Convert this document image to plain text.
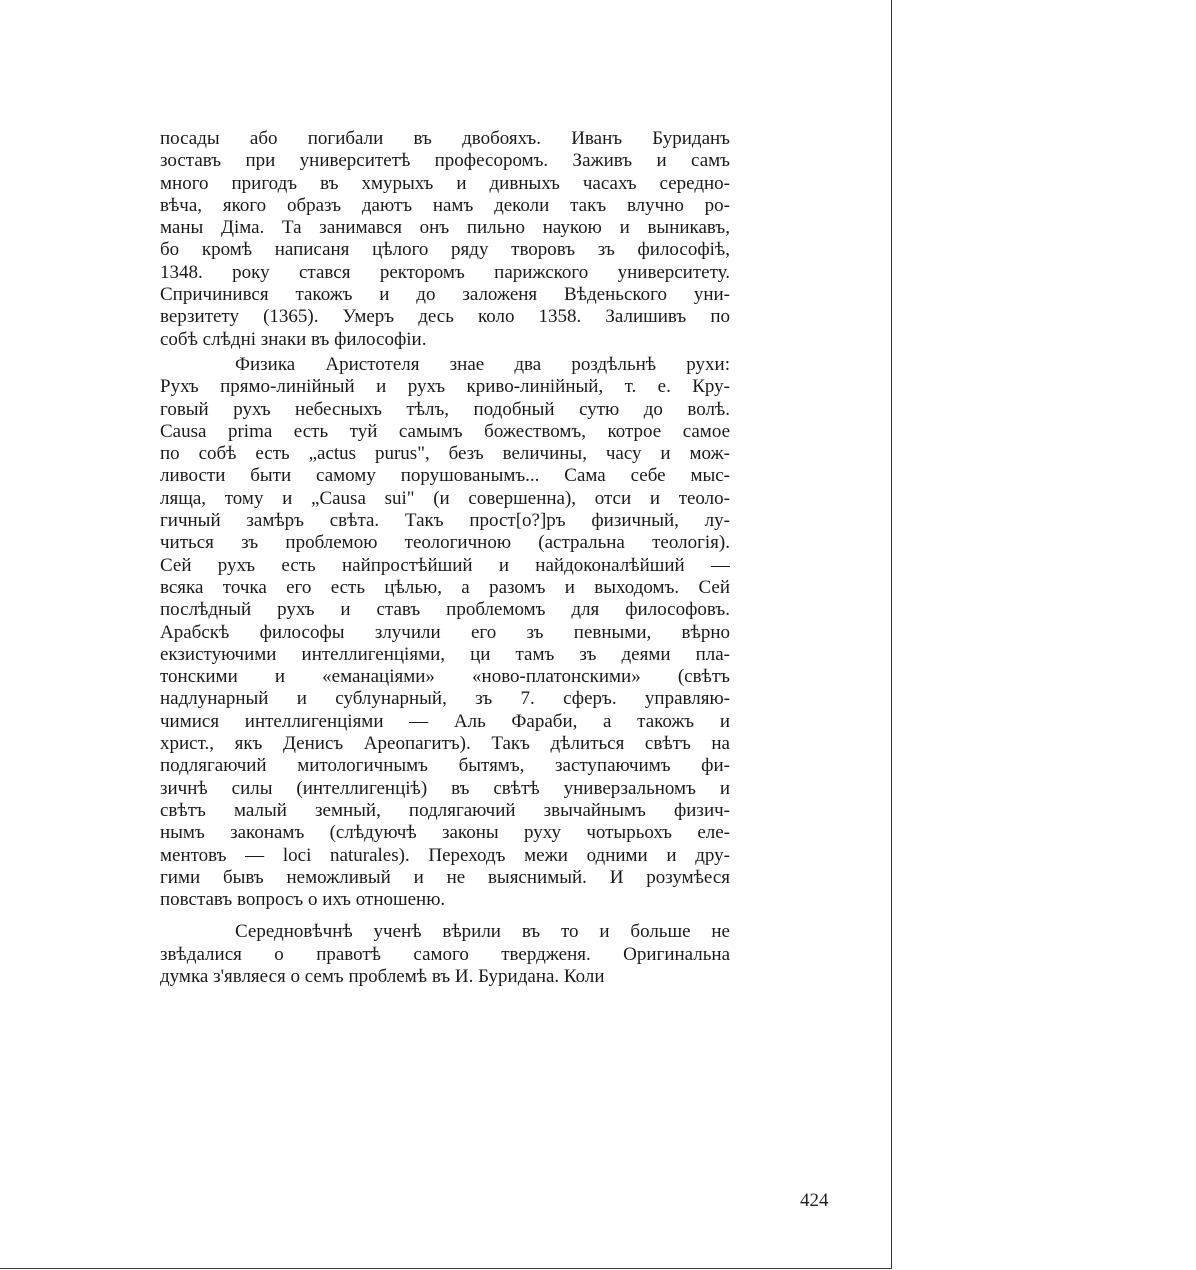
посады або погибали въ двобояхъ. Иванъ Буриданъ
зоставъ при университетѣ професоромъ. Заживъ и самъ
много пригодъ въ хмурыхъ и дивныхъ часахъ середно-
вѣча, якого образъ даютъ намъ деколи такъ влучно ро-
маны Діма. Та занимався онъ пильно наукою и выникавъ,
бо кромѣ написаня цѣлого ряду творовъ зъ философіѣ,
1348. року стався ректоромъ парижского университету.
Спричинився такожъ и до заложеня Вѣденьского уни-
верзитету (1365). Умеръ десь коло 1358. Залишивъ по
собѣ слѣдні знаки въ философіи.

Физика Аристотеля знае два роздѣльнѣ рухи:
Рухъ прямо-линійный и рухъ криво-линійный, т. е. Кру-
говый рухъ небесныхъ тѣлъ, подобный сутю до волѣ.
Causa prima есть туй самымъ божествомъ, котрое самое
по собѣ есть „actus purus", безъ величины, часу и мож-
ливости быти самому порушованымъ... Сама себе мыс-
ляща, тому и „Causa sui" (и совершенна), отси и теоло-
гичный замѣръ свѣта. Такъ прост[о?]ръ физичный, лу-
читься зъ проблемою теологичною (астральна теологія).
Сей рухъ есть найпростѣйший и найдоконалѣйший —
всяка точка его есть цѣлью, а разомъ и выходомъ. Сей
послѣдный рухъ и ставъ проблемомъ для философовъ.
Арабскѣ философы злучили его зъ певными, вѣрно
екзистуючими интеллигенціями, ци тамъ зъ деями пла-
тонскими и «еманаціями» «ново-платонскими» (свѣтъ
надлунарный и сублунарный, зъ 7. сферъ. управляю-
чимися интеллигенціями — Аль Фараби, а такожъ и
христ., якъ Денисъ Ареопагитъ). Такъ дѣлиться свѣтъ на
подлягаючий митологичнымъ бытямъ, заступаючимъ фи-
зичнѣ силы (интеллигенціѣ) въ свѣтѣ универзальномъ и
свѣтъ малый земный, подлягаючий звычайнымъ физич-
нымъ законамъ (слѣдуючѣ законы руху чотырьохъ еле-
ментовъ — loci naturales). Переходъ межи одними и дру-
гими бывъ неможливый и не выяснимый. И розумѣеся
повставъ вопросъ о ихъ отношеню.

Середновѣчнѣ ученѣ вѣрили въ то и больше не
звѣдалися о правотѣ самого твердженя. Оригинальна
думка з'являеся о семъ проблемѣ въ И. Буридана. Коли

424
